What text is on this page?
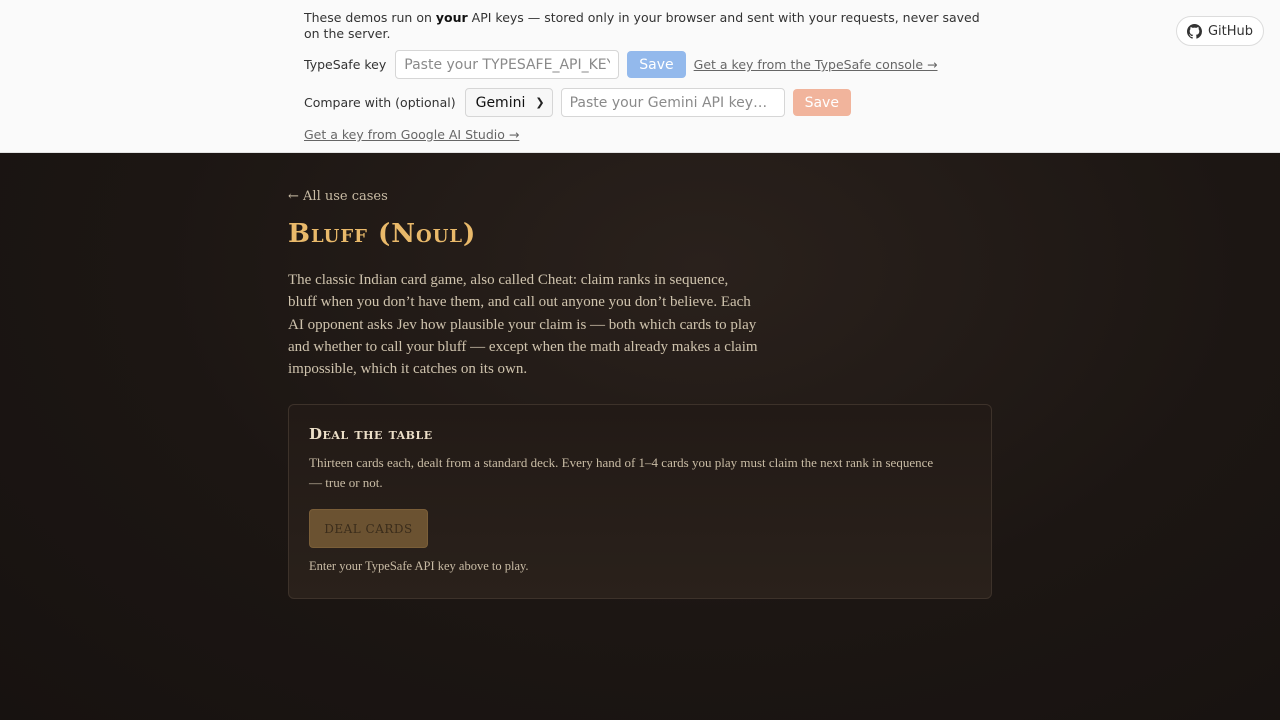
These demos run on your API keys — stored only in your browser and sent with your requests, never saved on the server.
TypeSafe key
Paste your TYPESAFE_API_KEY	Save	Get a key from the TypeSafe console →
Compare with (optional) Gemini ❯
Paste your Gemini API key…	Save
Get a key from Google AI Studio →
GitHub
← All use cases
Bluff (Noul)

The classic Indian card game, also called Cheat: claim ranks in sequence, bluff when you don’t have them, and call out anyone you don’t believe. Each AI opponent asks Jev how plausible your claim is — both which cards to play and whether to call your bluff — except when the math already makes a claim impossible, which it catches on its own.

Deal the table

Thirteen cards each, dealt from a standard deck. Every hand of 1–4 cards you play must claim the next rank in sequence — true or not.

DEAL CARDS

Enter your TypeSafe API key above to play.
